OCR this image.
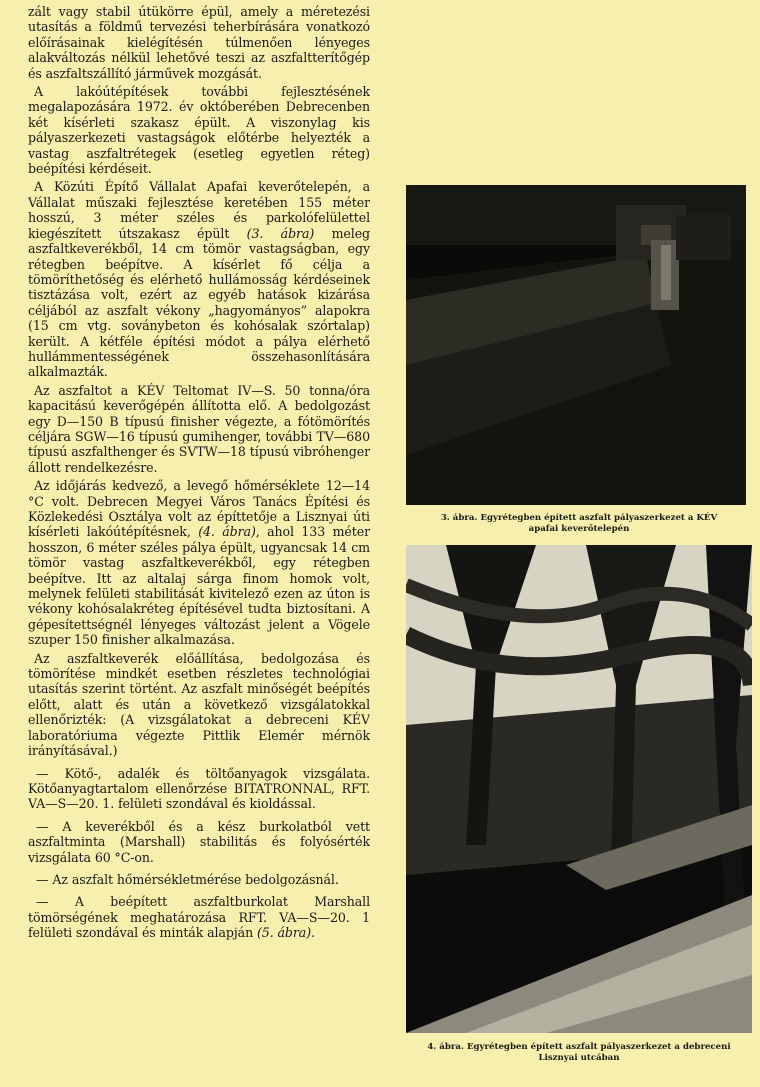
zált vagy stabil útükörre épül, amely a méretezési utasítás a földmű tervezési teherbírására vonatkozó előírásainak kielégítésén túlmenően lényeges alakváltozás nélkül lehetővé teszi az aszfaltterítőgép és aszfaltszállító járművek mozgását.

A lakóútépítések további fejlesztésének megalapozására 1972. év októberében Debrecenben két kísérleti szakasz épült. A viszonylag kis pályaszerkezeti vastagságok előtérbe helyezték a vastag aszfaltrétegek (esetleg egyetlen réteg) beépítési kérdéseit.

A Közúti Építő Vállalat Apafai keverőtelepén, a Vállalat műszaki fejlesztése keretében 155 méter hosszú, 3 méter széles és parkolófelülettel kiegészített útszakasz épült (3. ábra) meleg aszfaltkeverékből, 14 cm tömör vastagságban, egy rétegben beépítve. A kísérlet fő célja a tömöríthetőség és elérhető hullámosság kérdéseinek tisztázása volt, ezért az egyéb hatások kizárása céljából az aszfalt vékony „hagyományos” alapokra (15 cm vtg. soványbeton és kohósalak szórtalap) került. A kétféle építési módot a pálya elérhető hullámmentességének összehasonlítására alkalmazták.

Az aszfaltot a KÉV Teltomat IV—S. 50 tonna/óra kapacitású keverőgépén állította elő. A bedolgozást egy D—150 B típusú finisher végezte, a fótömörítés céljára SGW—16 típusú gumihenger, további TV—680 típusú aszfalthenger és SVTW—18 típusú vibróhenger állott rendelkezésre.

Az időjárás kedvező, a levegő hőmérséklete 12—14 °C volt. Debrecen Megyei Város Tanács Építési és Közlekedési Osztálya volt az építtetője a Lisznyai úti kísérleti lakóútépítésnek, (4. ábra), ahol 133 méter hosszon, 6 méter széles pálya épült, ugyancsak 14 cm tömör vastag aszfaltkeverékből, egy rétegben beépítve. Itt az altalaj sárga finom homok volt, melynek felületi stabilitását kivitelező ezen az úton is vékony kohósalakréteg építésével tudta biztosítani. A gépesítettségnél lényeges változást jelent a Vögele szuper 150 finisher alkalmazása.

Az aszfaltkeverék előállítása, bedolgozása és tömörítése mindkét esetben részletes technológiai utasítás szerint történt. Az aszfalt minőségét beépítés előtt, alatt és után a következő vizsgálatokkal ellenőrizték: (A vizsgálatokat a debreceni KÉV laboratóriuma végezte Pittlik Elemér mérnök irányításával.)

— Kötő-, adalék és töltőanyagok vizsgálata. Kötőanyagtartalom ellenőrzése BITATRONNAL, RFT. VA—S—20. 1. felületi szondával és kioldással.

— A keverékből és a kész burkolatból vett aszfaltminta (Marshall) stabilitás és folyósérték vizsgálata 60 °C-on.

— Az aszfalt hőmérsékletmérése bedolgozásnál.

— A beépített aszfaltburkolat Marshall tömörségének meghatározása RFT. VA—S—20. 1 felületi szondával és minták alapján (5. ábra).

3. ábra. Egyrétegben épített aszfalt pályaszerkezet a KÉV
apafai keverőtelepén
4. ábra. Egyrétegben épített aszfalt pályaszerkezet a debreceni
Lisznyai utcában
